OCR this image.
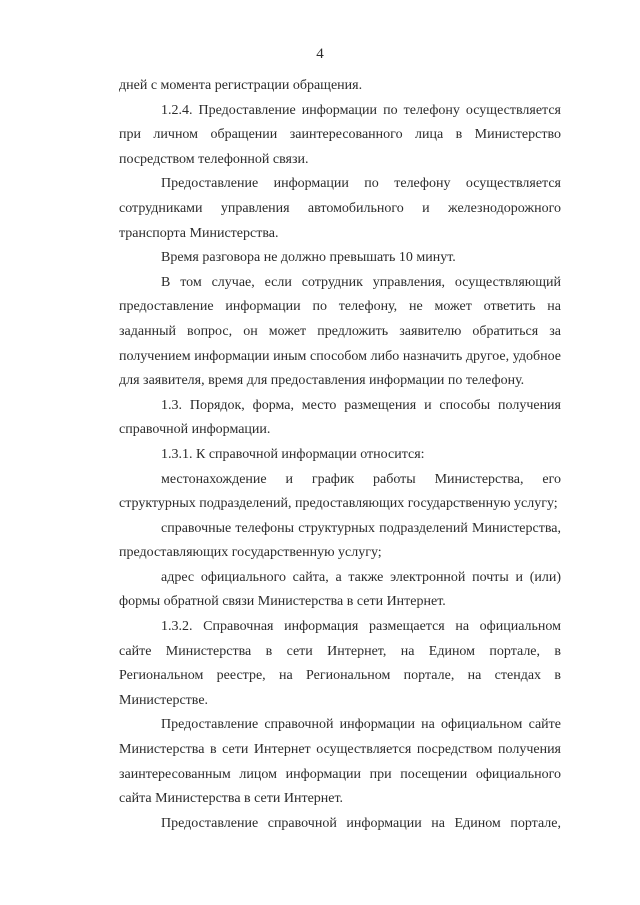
4

дней с момента регистрации обращения.

1.2.4. Предоставление информации по телефону осуществляется при личном обращении заинтересованного лица в Министерство посредством телефонной связи.

Предоставление информации по телефону осуществляется сотрудниками управления автомобильного и железнодорожного транспорта Министерства.

Время разговора не должно превышать 10 минут.

В том случае, если сотрудник управления, осуществляющий предоставление информации по телефону, не может ответить на заданный вопрос, он может предложить заявителю обратиться за получением информации иным способом либо назначить другое, удобное для заявителя, время для предоставления информации по телефону.

1.3. Порядок, форма, место размещения и способы получения справочной информации.

1.3.1. К справочной информации относится:

местонахождение и график работы Министерства, его структурных подразделений, предоставляющих государственную услугу;

справочные телефоны структурных подразделений Министерства, предоставляющих государственную услугу;

адрес официального сайта, а также электронной почты и (или) формы обратной связи Министерства в сети Интернет.

1.3.2. Справочная информация размещается на официальном сайте Министерства в сети Интернет, на Едином портале, в Региональном реестре, на Региональном портале, на стендах в Министерстве.

Предоставление справочной информации на официальном сайте Министерства в сети Интернет осуществляется посредством получения заинтересованным лицом информации при посещении официального сайта Министерства в сети Интернет.

Предоставление справочной информации на Едином портале,
